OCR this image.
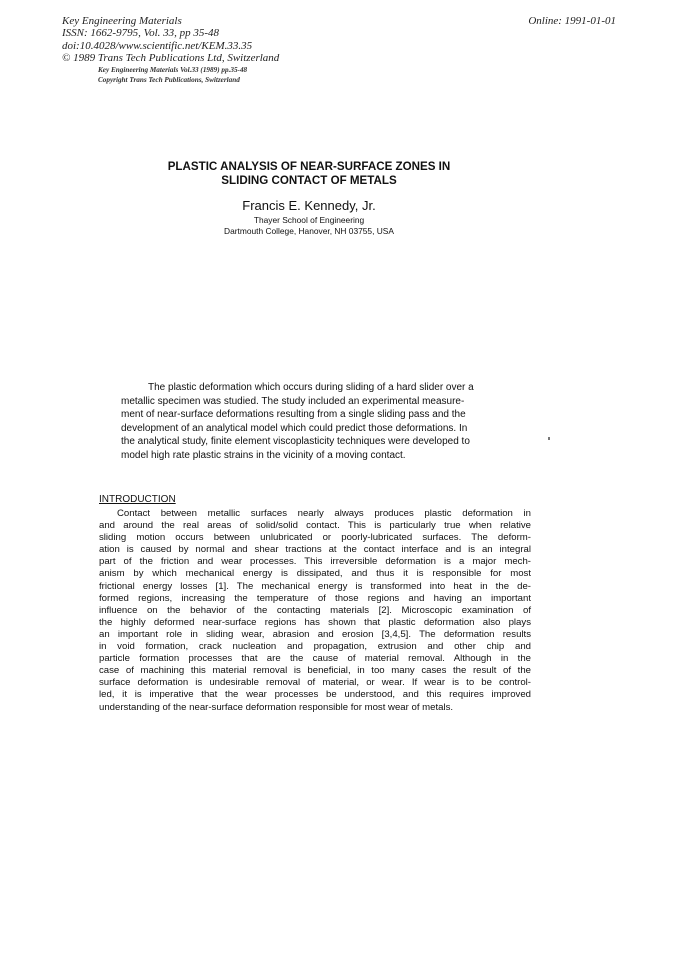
Key Engineering Materials
ISSN: 1662-9795, Vol. 33, pp 35-48
doi:10.4028/www.scientific.net/KEM.33.35
© 1989 Trans Tech Publications Ltd, Switzerland
Online: 1991-01-01
Key Engineering Materials Vol.33 (1989) pp.35-48
Copyright Trans Tech Publications, Switzerland
PLASTIC ANALYSIS OF NEAR-SURFACE ZONES IN
SLIDING CONTACT OF METALS
Francis E. Kennedy, Jr.
Thayer School of Engineering
Dartmouth College, Hanover, NH 03755, USA
The plastic deformation which occurs during sliding of a hard slider over a
metallic specimen was studied. The study included an experimental measure-
ment of near-surface deformations resulting from a single sliding pass and the
development of an analytical model which could predict those deformations. In
the analytical study, finite element viscoplasticity techniques were developed to
model high rate plastic strains in the vicinity of a moving contact.
INTRODUCTION
Contact between metallic surfaces nearly always produces plastic deformation in
and around the real areas of solid/solid contact. This is particularly true when relative
sliding motion occurs between unlubricated or poorly-lubricated surfaces. The deform-
ation is caused by normal and shear tractions at the contact interface and is an integral
part of the friction and wear processes. This irreversible deformation is a major mech-
anism by which mechanical energy is dissipated, and thus it is responsible for most
frictional energy losses [1]. The mechanical energy is transformed into heat in the de-
formed regions, increasing the temperature of those regions and having an important
influence on the behavior of the contacting materials [2]. Microscopic examination of
the highly deformed near-surface regions has shown that plastic deformation also plays
an important role in sliding wear, abrasion and erosion [3,4,5]. The deformation results
in void formation, crack nucleation and propagation, extrusion and other chip and
particle formation processes that are the cause of material removal. Although in the
case of machining this material removal is beneficial, in too many cases the result of the
surface deformation is undesirable removal of material, or wear. If wear is to be control-
led, it is imperative that the wear processes be understood, and this requires improved
understanding of the near-surface deformation responsible for most wear of metals.
